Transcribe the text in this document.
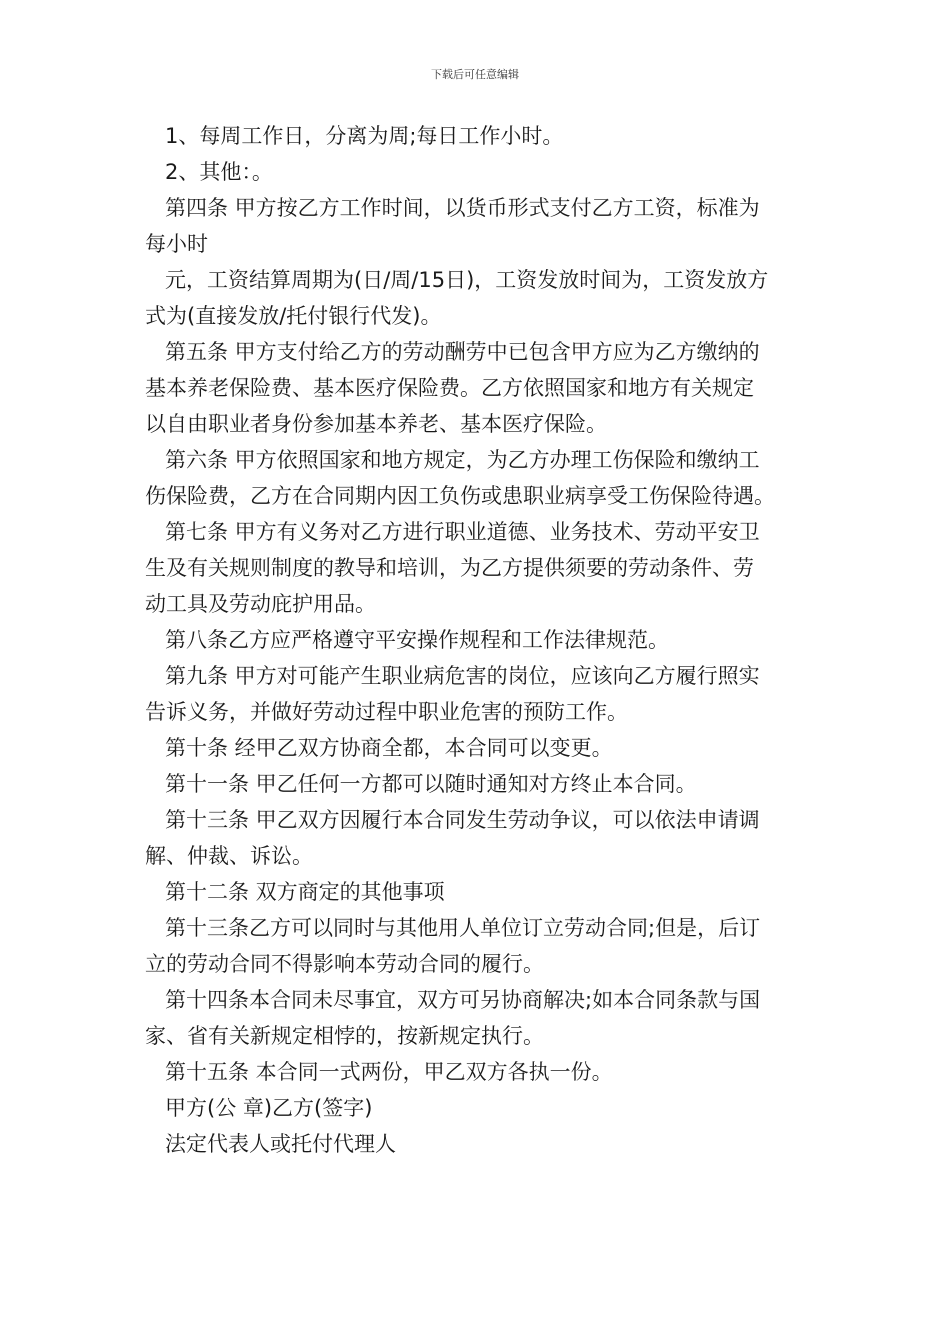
下载后可任意编辑
1、每周工作日，分离为周;每日工作小时。
2、其他：。
第四条 甲方按乙方工作时间，以货币形式支付乙方工资，标准为
每小时
元，工资结算周期为(日/周/15日)，工资发放时间为，工资发放方
式为(直接发放/托付银行代发)。
第五条 甲方支付给乙方的劳动酬劳中已包含甲方应为乙方缴纳的
基本养老保险费、基本医疗保险费。乙方依照国家和地方有关规定
以自由职业者身份参加基本养老、基本医疗保险。
第六条 甲方依照国家和地方规定，为乙方办理工伤保险和缴纳工
伤保险费，乙方在合同期内因工负伤或患职业病享受工伤保险待遇。
第七条 甲方有义务对乙方进行职业道德、业务技术、劳动平安卫
生及有关规则制度的教导和培训，为乙方提供须要的劳动条件、劳
动工具及劳动庇护用品。
第八条乙方应严格遵守平安操作规程和工作法律规范。
第九条 甲方对可能产生职业病危害的岗位，应该向乙方履行照实
告诉义务，并做好劳动过程中职业危害的预防工作。
第十条 经甲乙双方协商全都，本合同可以变更。
第十一条 甲乙任何一方都可以随时通知对方终止本合同。
第十三条 甲乙双方因履行本合同发生劳动争议，可以依法申请调
解、仲裁、诉讼。
第十二条 双方商定的其他事项
第十三条乙方可以同时与其他用人单位订立劳动合同;但是，后订
立的劳动合同不得影响本劳动合同的履行。
第十四条本合同未尽事宜，双方可另协商解决;如本合同条款与国
家、省有关新规定相悖的，按新规定执行。
第十五条 本合同一式两份，甲乙双方各执一份。
甲方(公 章)乙方(签字)
法定代表人或托付代理人
